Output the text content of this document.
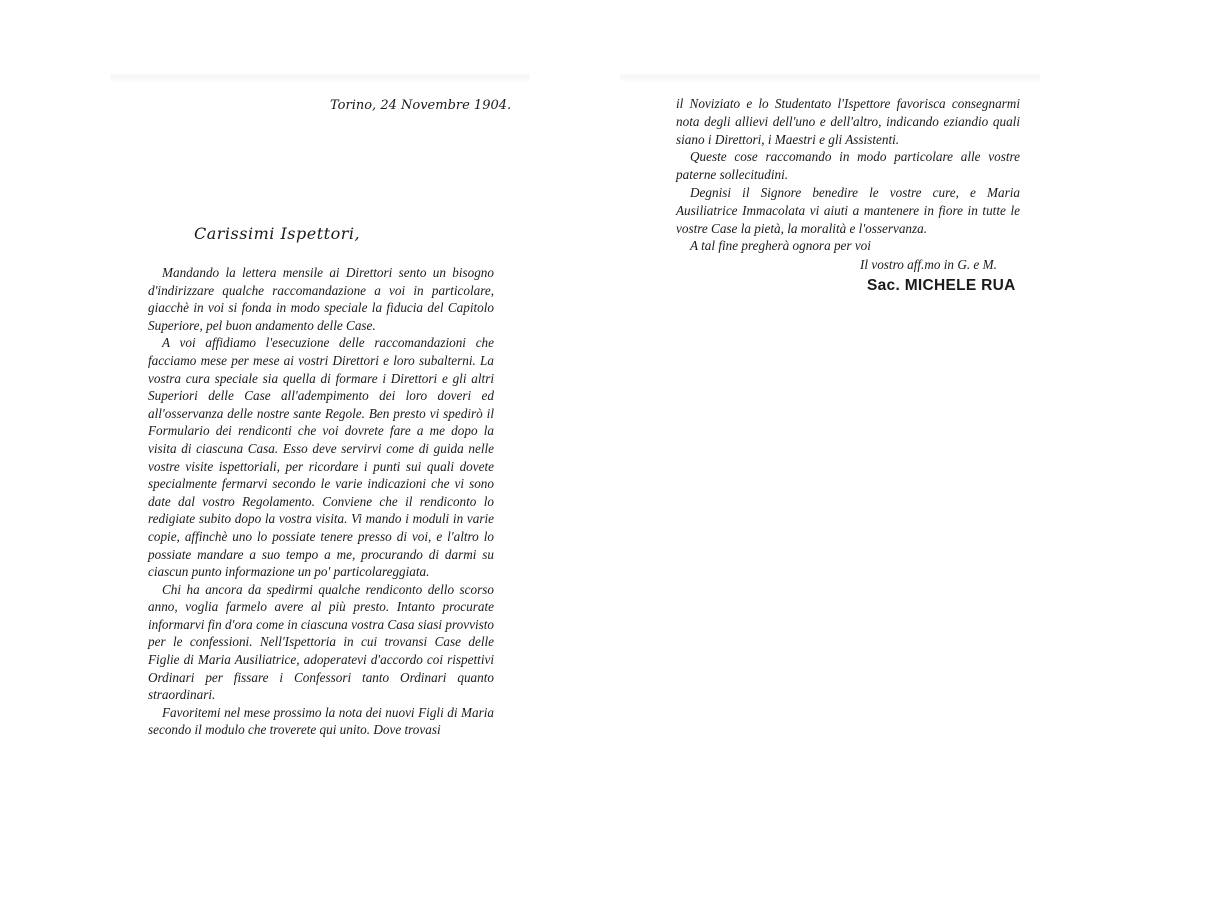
Torino, 24 Novembre 1904.
Carissimi Ispettori,

Mandando la lettera mensile ai Direttori sento un bisogno d'indirizzare qualche raccomandazione a voi in particolare, giacchè in voi si fonda in modo speciale la fiducia del Capitolo Superiore, pel buon andamento delle Case.

A voi affidiamo l'esecuzione delle raccomandazioni che facciamo mese per mese ai vostri Direttori e loro subalterni. La vostra cura speciale sia quella di formare i Direttori e gli altri Superiori delle Case all'adempimento dei loro doveri ed all'osservanza delle nostre sante Regole. Ben presto vi spedirò il Formulario dei rendiconti che voi dovrete fare a me dopo la visita di ciascuna Casa. Esso deve servirvi come di guida nelle vostre visite ispettoriali, per ricordare i punti sui quali dovete specialmente fermarvi secondo le varie indicazioni che vi sono date dal vostro Regolamento. Conviene che il rendiconto lo redigiate subito dopo la vostra visita. Vi mando i moduli in varie copie, affinchè uno lo possiate tenere presso di voi, e l'altro lo possiate mandare a suo tempo a me, procurando di darmi su ciascun punto informazione un po' particolareggiata.

Chi ha ancora da spedirmi qualche rendiconto dello scorso anno, voglia farmelo avere al più presto. Intanto procurate informarvi fin d'ora come in ciascuna vostra Casa siasi provvisto per le confessioni. Nell'Ispettoria in cui trovansi Case delle Figlie di Maria Ausiliatrice, adoperatevi d'accordo coi rispettivi Ordinari per fissare i Confessori tanto Ordinari quanto straordinari.

Favoritemi nel mese prossimo la nota dei nuovi Figli di Maria secondo il modulo che troverete qui unito. Dove trovasi

il Noviziato e lo Studentato l'Ispettore favorisca consegnarmi nota degli allievi dell'uno e dell'altro, indicando eziandio quali siano i Direttori, i Maestri e gli Assistenti.

Queste cose raccomando in modo particolare alle vostre paterne sollecitudini.

Degnisi il Signore benedire le vostre cure, e Maria Ausiliatrice Immacolata vi aiuti a mantenere in fiore in tutte le vostre Case la pietà, la moralità e l'osservanza.

A tal fine pregherà ognora per voi

Il vostro aff.mo in G. e M.
Sac. MICHELE RUA
